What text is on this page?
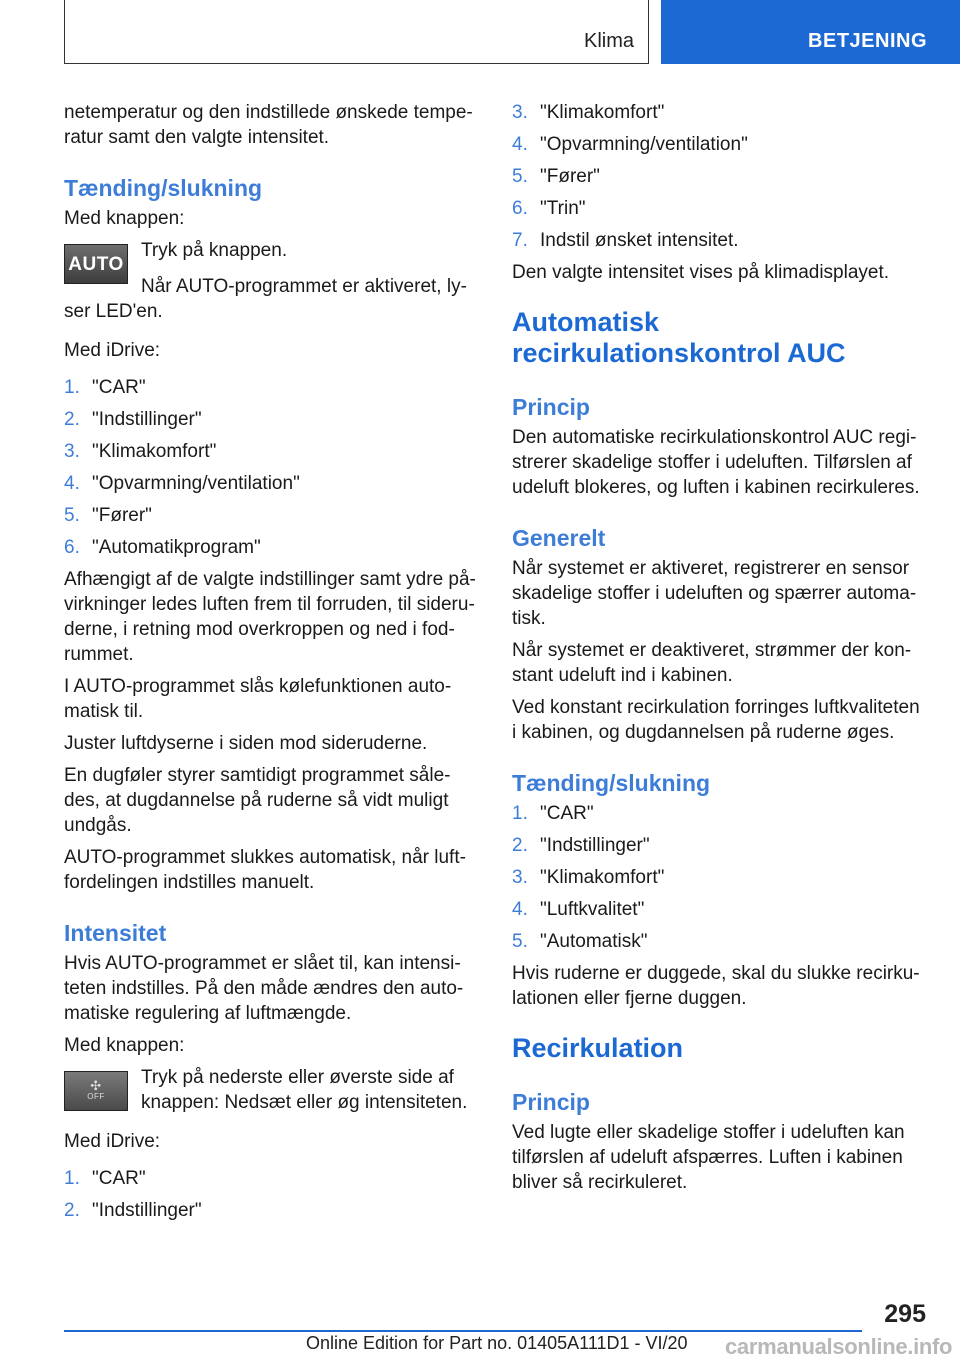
Klima	BETJENING

netemperatur og den indstillede ønskede tempe-ratur samt den valgte intensitet.

Tænding/slukning

Med knappen:

AUTO

Tryk på knappen.

Når AUTO-programmet er aktiveret, ly-ser LED'en.

Med iDrive:

1. "CAR"
2. "Indstillinger"
3. "Klimakomfort"
4. "Opvarmning/ventilation"
5. "Fører"
6. "Automatikprogram"

Afhængigt af de valgte indstillinger samt ydre på-virkninger ledes luften frem til forruden, til sideru-derne, i retning mod overkroppen og ned i fod-rummet.

I AUTO-programmet slås kølefunktionen auto-matisk til.

Juster luftdyserne i siden mod sideruderne.

En dugføler styrer samtidigt programmet såle-des, at dugdannelse på ruderne så vidt muligt undgås.

AUTO-programmet slukkes automatisk, når luft-fordelingen indstilles manuelt.

Intensitet

Hvis AUTO-programmet er slået til, kan intensi-teten indstilles. På den måde ændres den auto-matiske regulering af luftmængde.

Med knappen:

✣
OFF

Tryk på nederste eller øverste side af knappen: Nedsæt eller øg intensiteten.

Med iDrive:

1. "CAR"
2. "Indstillinger"
3. "Klimakomfort"
4. "Opvarmning/ventilation"
5. "Fører"
6. "Trin"
7. Indstil ønsket intensitet.

Den valgte intensitet vises på klimadisplayet.

Automatisk recirkulationskontrol AUC
Princip

Den automatiske recirkulationskontrol AUC regi-strerer skadelige stoffer i udeluften. Tilførslen af udeluft blokeres, og luften i kabinen recirkuleres.

Generelt

Når systemet er aktiveret, registrerer en sensor skadelige stoffer i udeluften og spærrer automa-tisk.

Når systemet er deaktiveret, strømmer der kon-stant udeluft ind i kabinen.

Ved konstant recirkulation forringes luftkvaliteten i kabinen, og dugdannelsen på ruderne øges.

Tænding/slukning
1. "CAR"
2. "Indstillinger"
3. "Klimakomfort"
4. "Luftkvalitet"
5. "Automatisk"

Hvis ruderne er duggede, skal du slukke recirku-lationen eller fjerne duggen.

Recirkulation
Princip

Ved lugte eller skadelige stoffer i udeluften kan tilførslen af udeluft afspærres. Luften i kabinen bliver så recirkuleret.

295
Online Edition for Part no. 01405A111D1 - VI/20 carmanualsonline.info
